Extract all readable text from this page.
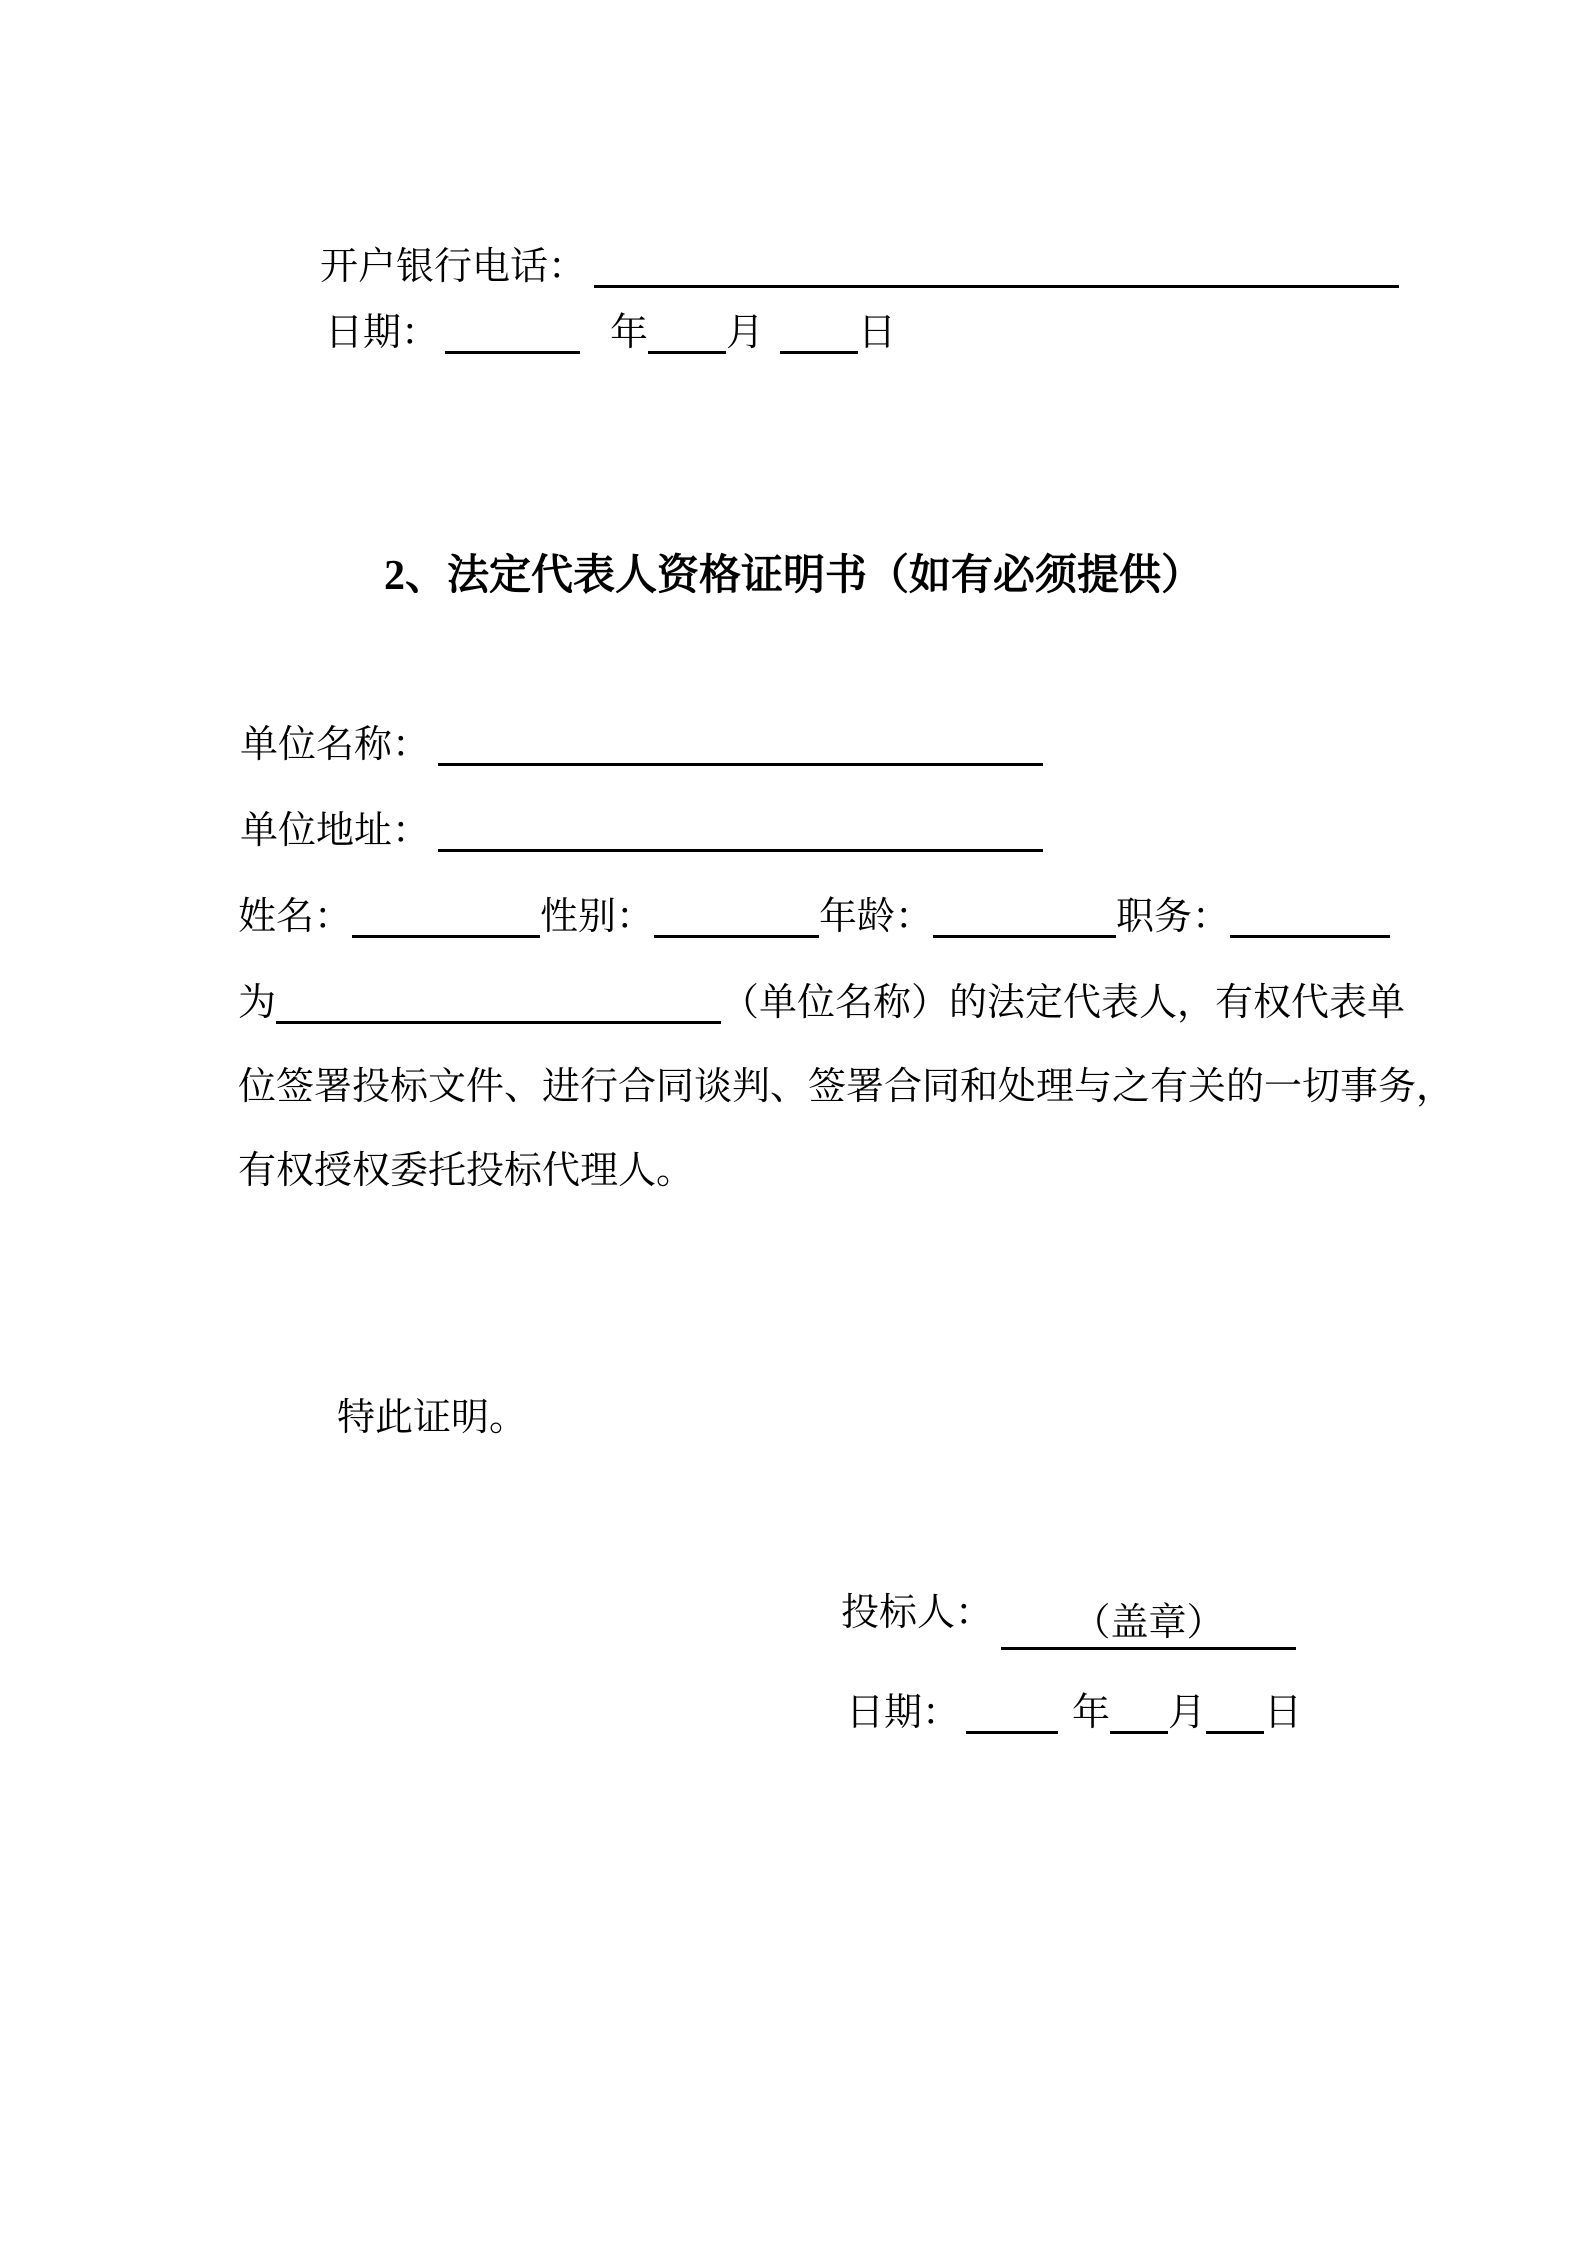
开户银行电话：
日期：	年 月 日
2、法定代表人资格证明书（如有必须提供）
单位名称：
单位地址：
姓名：	性别：	年龄：	职务：
为	（单位名称）的法定代表人，有权代表单
位签署投标文件、进行合同谈判、签署合同和处理与之有关的一切事务，
有权授权委托投标代理人。
特此证明。
投标人： （盖章）
日期：	年 月 日
